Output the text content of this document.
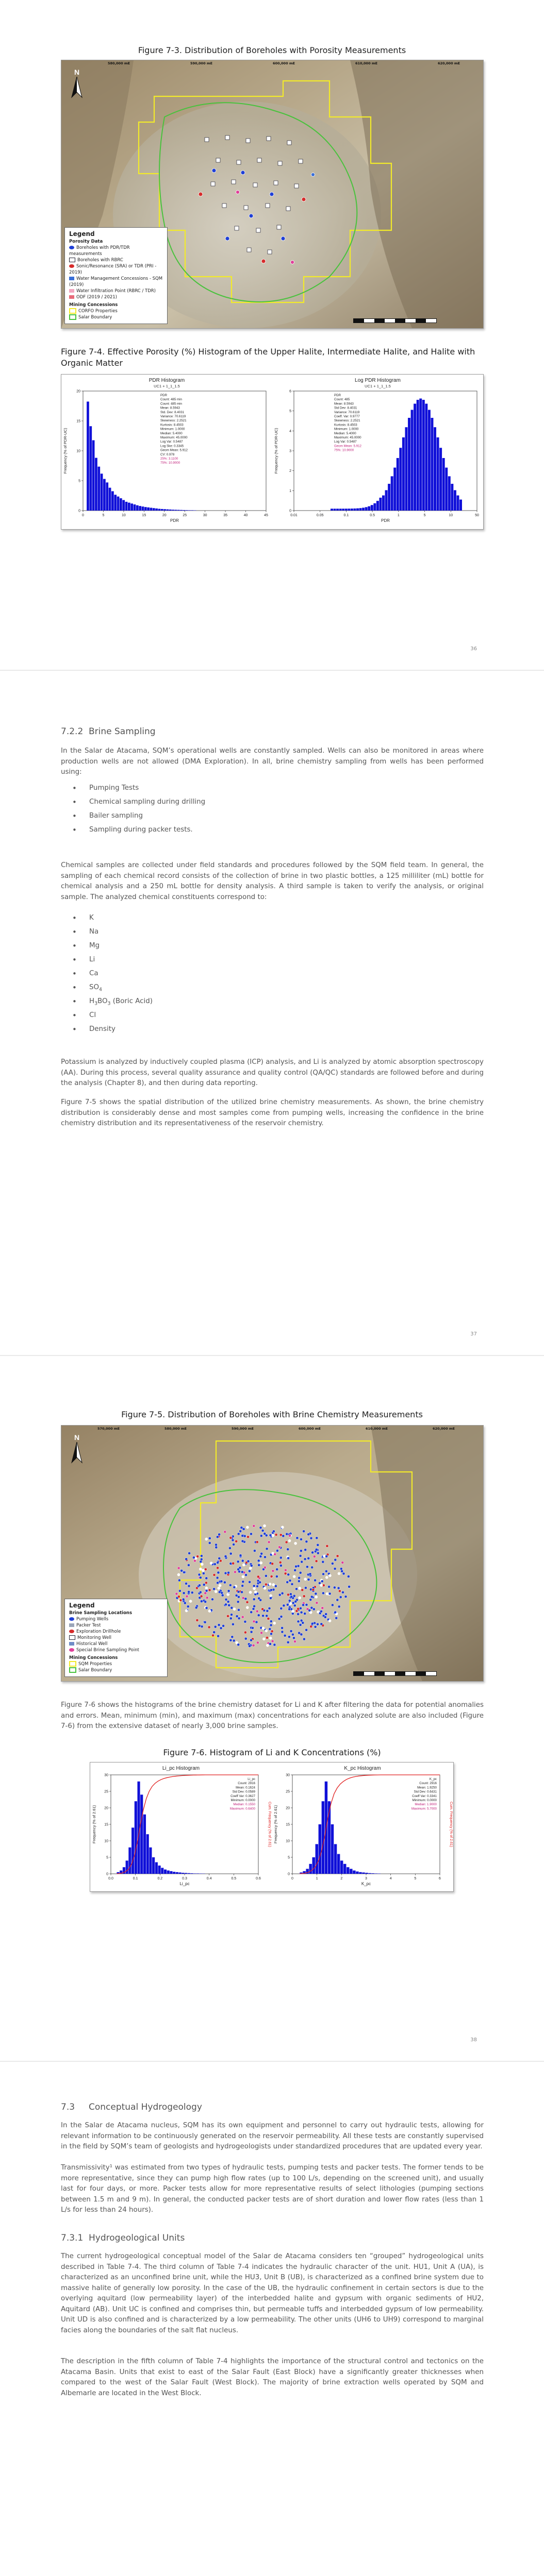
Figure 7-3. Distribution of Boreholes with Porosity Measurements
N
580,000 mE	590,000 mE	600,000 mE	610,000 mE	620,000 mE
Legend
Porosity Data
Boreholes with PDR/TDR measurements
Boreholes with RBRC
Sonic/Resonance (SRA) or TDR (PRI - 2019)
Water Management Concessions - SQM (2019)
Water Infiltration Point (RBRC / TDR)
ODF (2019 / 2021)
Mining Concessions
CORFO Properties
Salar Boundary
Figure 7-4. Effective Porosity (%) Histogram of the Upper Halite, Intermediate Halite, and Halite with Organic Matter
PDR Histogram
UC1 + 1_1_1.5
0
5
10
15
20
0	5	10	15	20	25	30	35	40	45
PDR
Frequency (% of PDR-UC)
PDR
Count: 485 min
Count: 485 min
Mean: 8.5943
Std. Dev: 8.4031
Variance: 70.6119
Skewness: 2.2521
Kurtosis: 8.4503
Minimum: 1.0000
Median: 5.4000
Maximum: 45.0000
Log Var: 0.5487
Log Ske: 0.3345
Geom Mean: 5.912
CV: 0.978
25%: 3.1100
75%: 10.9000
Log PDR Histogram
UC1 + 1_1_1.5
0
1
2
3
4
5
6
0.01	0.05	0.1	0.5	1	5	10	50
PDR
Frequency (% of PDR-UC)
PDR
Count: 485
Mean: 8.5943
Std Dev: 8.4031
Variance: 70.6119
Coeff. Var: 0.9777
Skewness: 2.2521
Kurtosis: 8.4503
Minimum: 1.0000
Median: 5.4000
Maximum: 45.0000
Log Var: 0.5487
Geom Mean: 5.912
75%: 10.9000
36
7.2.2 Brine Sampling

In the Salar de Atacama, SQM’s operational wells are constantly sampled. Wells can also be monitored in areas where production wells are not allowed (DMA Exploration). In all, brine chemistry sampling from wells has been performed using:

• Pumping Tests
• Chemical sampling during drilling
• Bailer sampling
• Sampling during packer tests.

Chemical samples are collected under field standards and procedures followed by the SQM field team. In general, the sampling of each chemical record consists of the collection of brine in two plastic bottles, a 125 milliliter (mL) bottle for chemical analysis and a 250 mL bottle for density analysis. A third sample is taken to verify the analysis, or original sample. The analyzed chemical constituents correspond to:

• K
• Na
• Mg
• Li
• Ca
• $SO_4$
• $H_3BO_3$ (Boric Acid)
• Cl
• Density

Potassium is analyzed by inductively coupled plasma (ICP) analysis, and Li is analyzed by atomic absorption spectroscopy (AA). During this process, several quality assurance and quality control (QA/QC) standards are followed before and during the analysis (Chapter 8), and then during data reporting.

Figure 7-5 shows the spatial distribution of the utilized brine chemistry measurements. As shown, the brine chemistry distribution is considerably dense and most samples come from pumping wells, increasing the confidence in the brine chemistry distribution and its representativeness of the reservoir chemistry.

37
Figure 7-5. Distribution of Boreholes with Brine Chemistry Measurements
N
570,000 mE	580,000 mE	590,000 mE	600,000 mE	610,000 mE	620,000 mE
Legend
Brine Sampling Locations
Pumping Wells
Packer Test
Exploration Drillhole
Monitoring Well
Historical Well
Special Brine Sampling Point
Mining Concessions
SQM Properties
Salar Boundary

Figure 7-6 shows the histograms of the brine chemistry dataset for Li and K after filtering the data for potential anomalies and errors. Mean, minimum (min), and maximum (max) concentrations for each analyzed solute are also included (Figure 7-6) from the extensive dataset of nearly 3,000 brine samples.

Figure 7-6. Histogram of Li and K Concentrations (%)
Li_pc Histogram
0
5
10
15
20
25
30
0.0	0.1	0.2	0.3	0.4	0.5	0.6
Li_pc
Frequency (% of 2.61)	Cum. Frequency (% of 2.61)
Li_pc
Count: 2916
Mean: 0.1624
Std Dev: 0.0589
Coeff Var: 0.3627
Minimum: 0.0000
Median: 0.1550
Maximum: 0.6400
K_pc Histogram
0
5
10
15
20
25
30
0	1	2	3	4	5	6
K_pc
Frequency (% of 2.61)	Cum. Frequency (% of 2.61)
K_pc
Count: 2916
Mean: 1.9250
Std Dev: 0.6431
Coeff Var: 0.3341
Minimum: 0.0000
Median: 1.9000
Maximum: 5.7000
38
7.3 Conceptual Hydrogeology

In the Salar de Atacama nucleus, SQM has its own equipment and personnel to carry out hydraulic tests, allowing for relevant information to be continuously generated on the reservoir permeability. All these tests are constantly supervised in the field by SQM’s team of geologists and hydrogeologists under standardized procedures that are updated every year.

Transmissivity¹ was estimated from two types of hydraulic tests, pumping tests and packer tests. The former tends to be more representative, since they can pump high flow rates (up to 100 L/s, depending on the screened unit), and usually last for four days, or more. Packer tests allow for more representative results of select lithologies (pumping sections between 1.5 m and 9 m). In general, the conducted packer tests are of short duration and lower flow rates (less than 1 L/s for less than 24 hours).

7.3.1 Hydrogeological Units

The current hydrogeological conceptual model of the Salar de Atacama considers ten “grouped” hydrogeological units described in Table 7-4. The third column of Table 7-4 indicates the hydraulic character of the unit. HU1, Unit A (UA), is characterized as an unconfined brine unit, while the HU3, Unit B (UB), is characterized as a confined brine system due to massive halite of generally low porosity. In the case of the UB, the hydraulic confinement in certain sectors is due to the overlying aquitard (low permeability layer) of the interbedded halite and gypsum with organic sediments of HU2, Aquitard (AB). Unit UC is confined and comprises thin, but permeable tuffs and interbedded gypsum of low permeability. Unit UD is also confined and is characterized by a low permeability. The other units (UH6 to UH9) correspond to marginal facies along the boundaries of the salt flat nucleus.

The description in the fifth column of Table 7-4 highlights the importance of the structural control and tectonics on the Atacama Basin. Units that exist to east of the Salar Fault (East Block) have a significantly greater thicknesses when compared to the west of the Salar Fault (West Block). The majority of brine extraction wells operated by SQM and Albemarle are located in the West Block.
